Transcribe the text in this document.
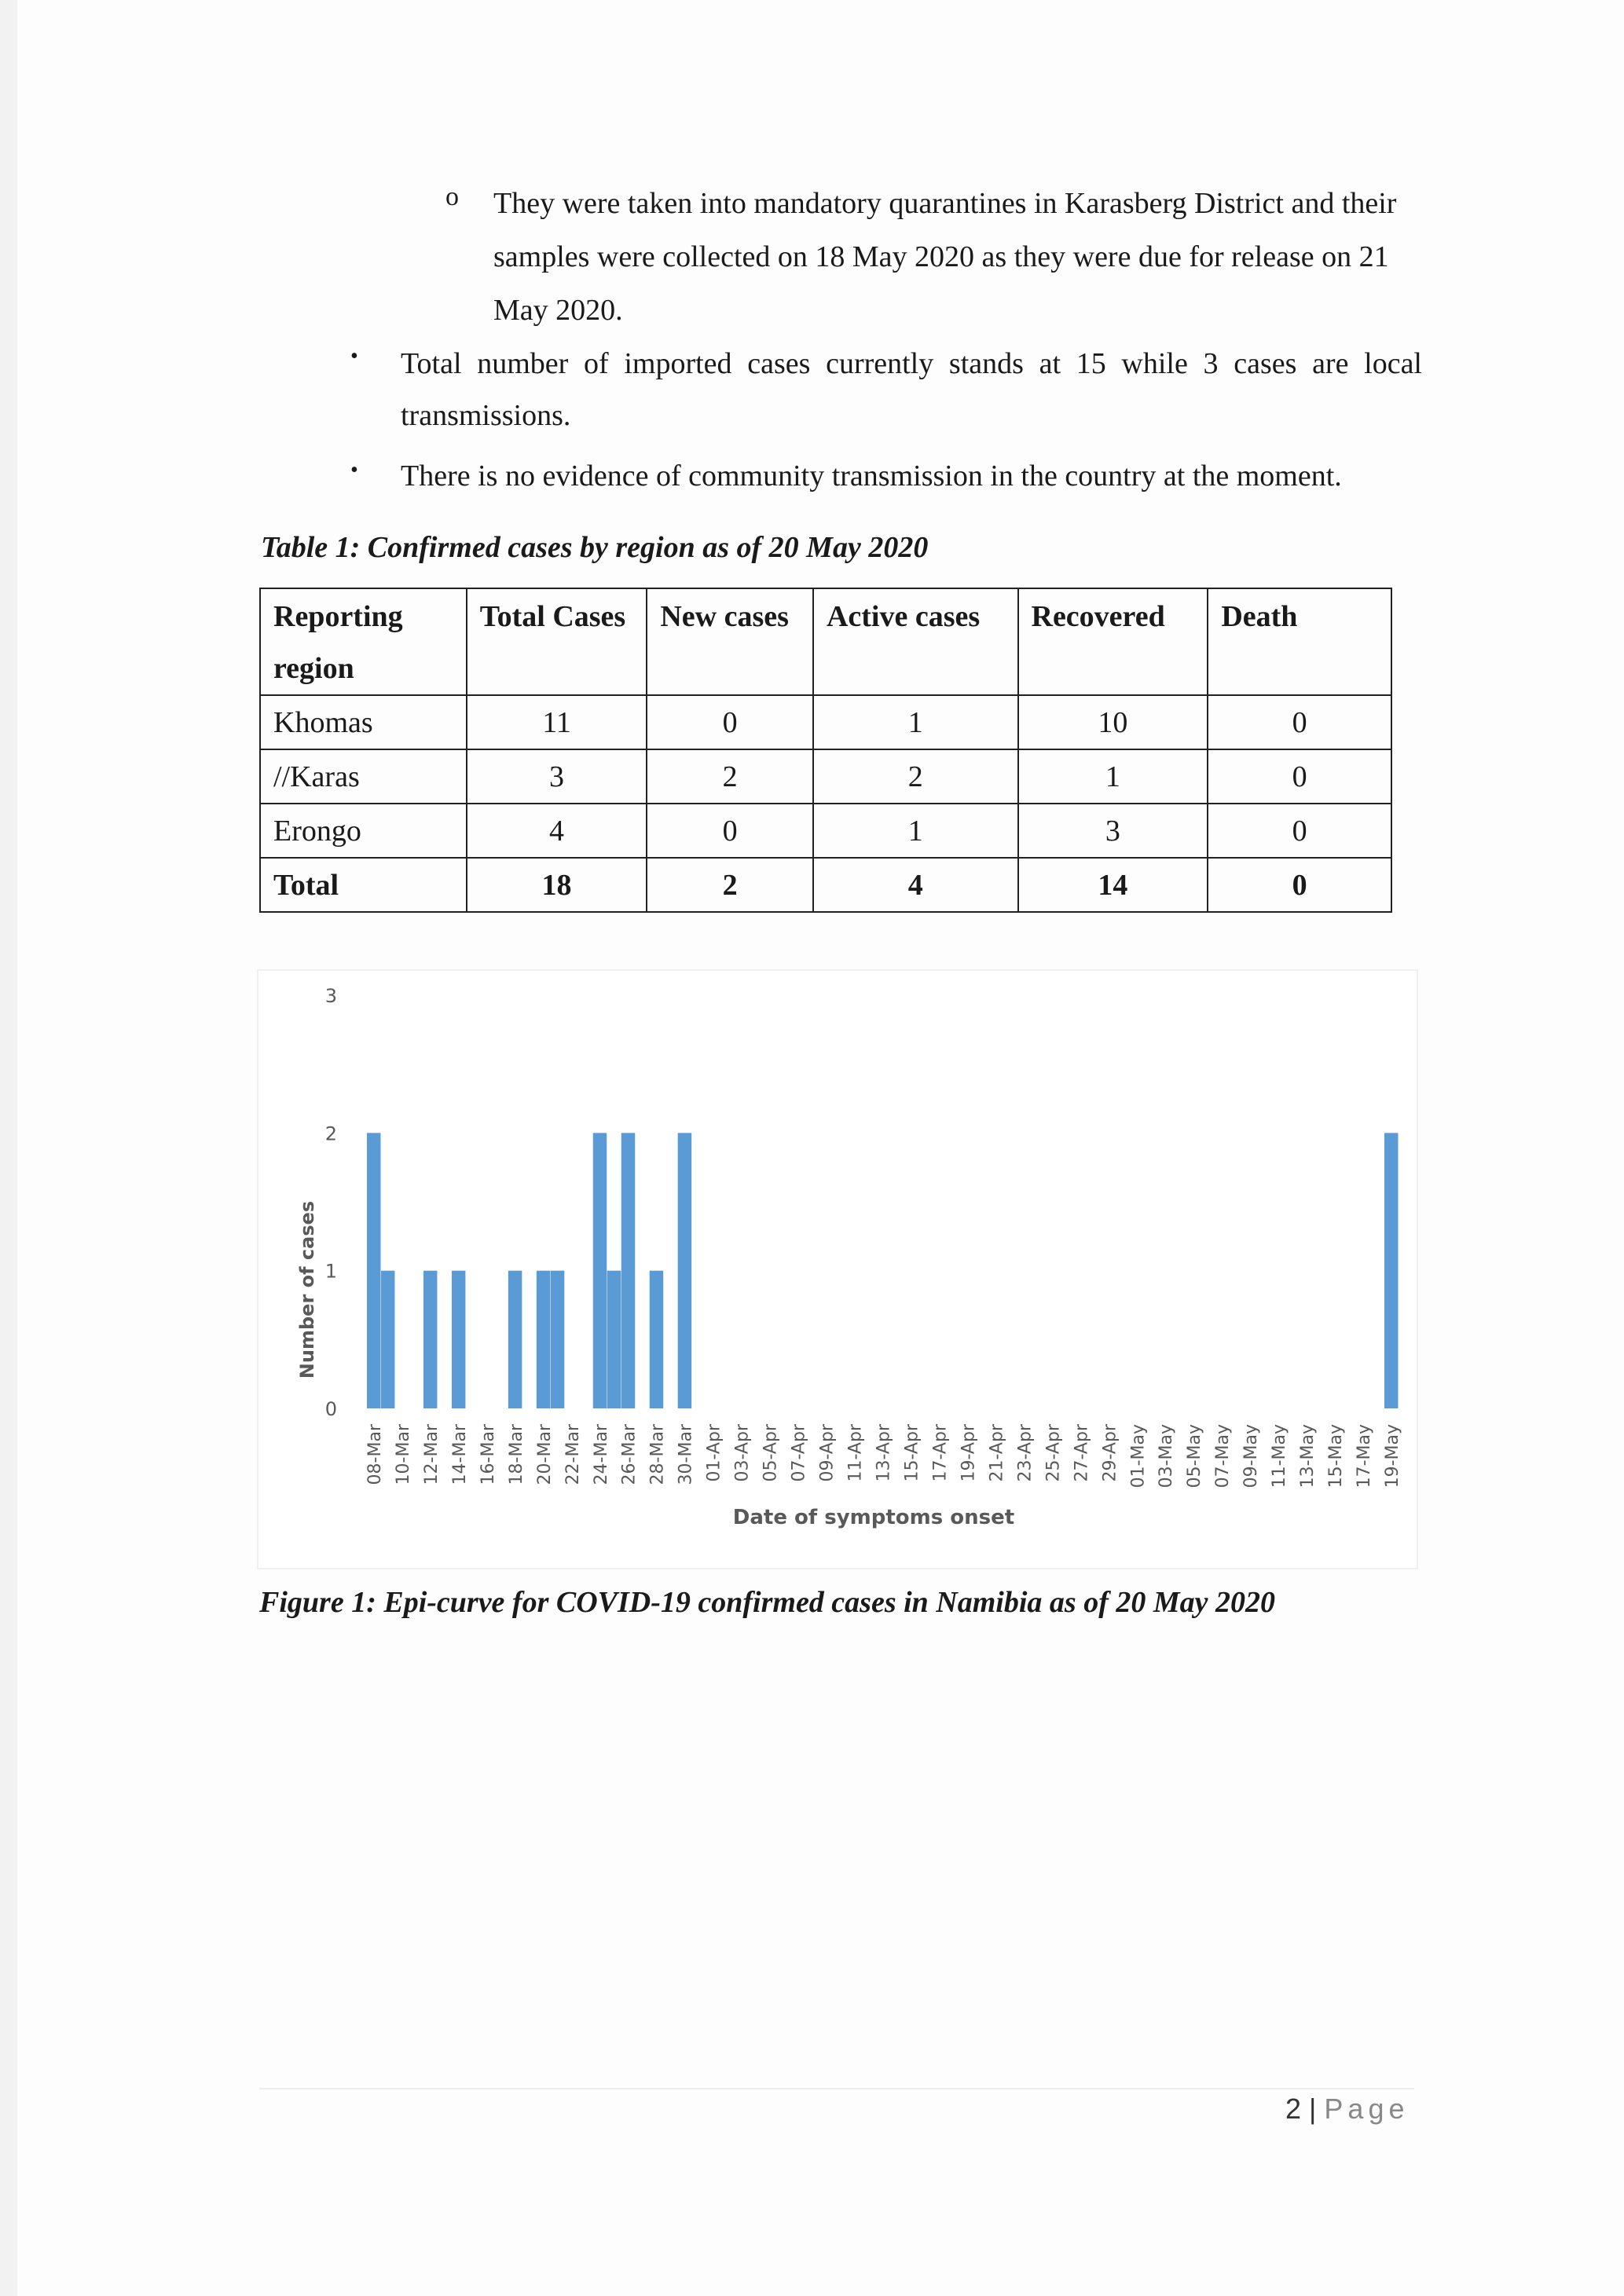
o They were taken into mandatory quarantines in Karasberg District and their samples were collected on 18 May 2020 as they were due for release on 21 May 2020.
• Total number of imported cases currently stands at 15 while 3 cases are local transmissions.
• There is no evidence of community transmission in the country at the moment.
Table 1: Confirmed cases by region as of 20 May 2020
Reporting region	Total Cases	New cases	Active cases	Recovered	Death
Khomas	11	0	1	10	0
//Karas	3	2	2	1	0
Erongo	4	0	1	3	0
Total	18	2	4	14	0
0
1
2
3
08-Mar 10-Mar 12-Mar 14-Mar 16-Mar 18-Mar 20-Mar 22-Mar 24-Mar 26-Mar 28-Mar 30-Mar 01-Apr 03-Apr 05-Apr 07-Apr 09-Apr 11-Apr 13-Apr 15-Apr 17-Apr 19-Apr 21-Apr 23-Apr 25-Apr 27-Apr 29-Apr 01-May 03-May 05-May 07-May 09-May 11-May 13-May 15-May 17-May 19-May
Number of cases
Date of symptoms onset
Figure 1: Epi-curve for COVID-19 confirmed cases in Namibia as of 20 May 2020
2 | Page
